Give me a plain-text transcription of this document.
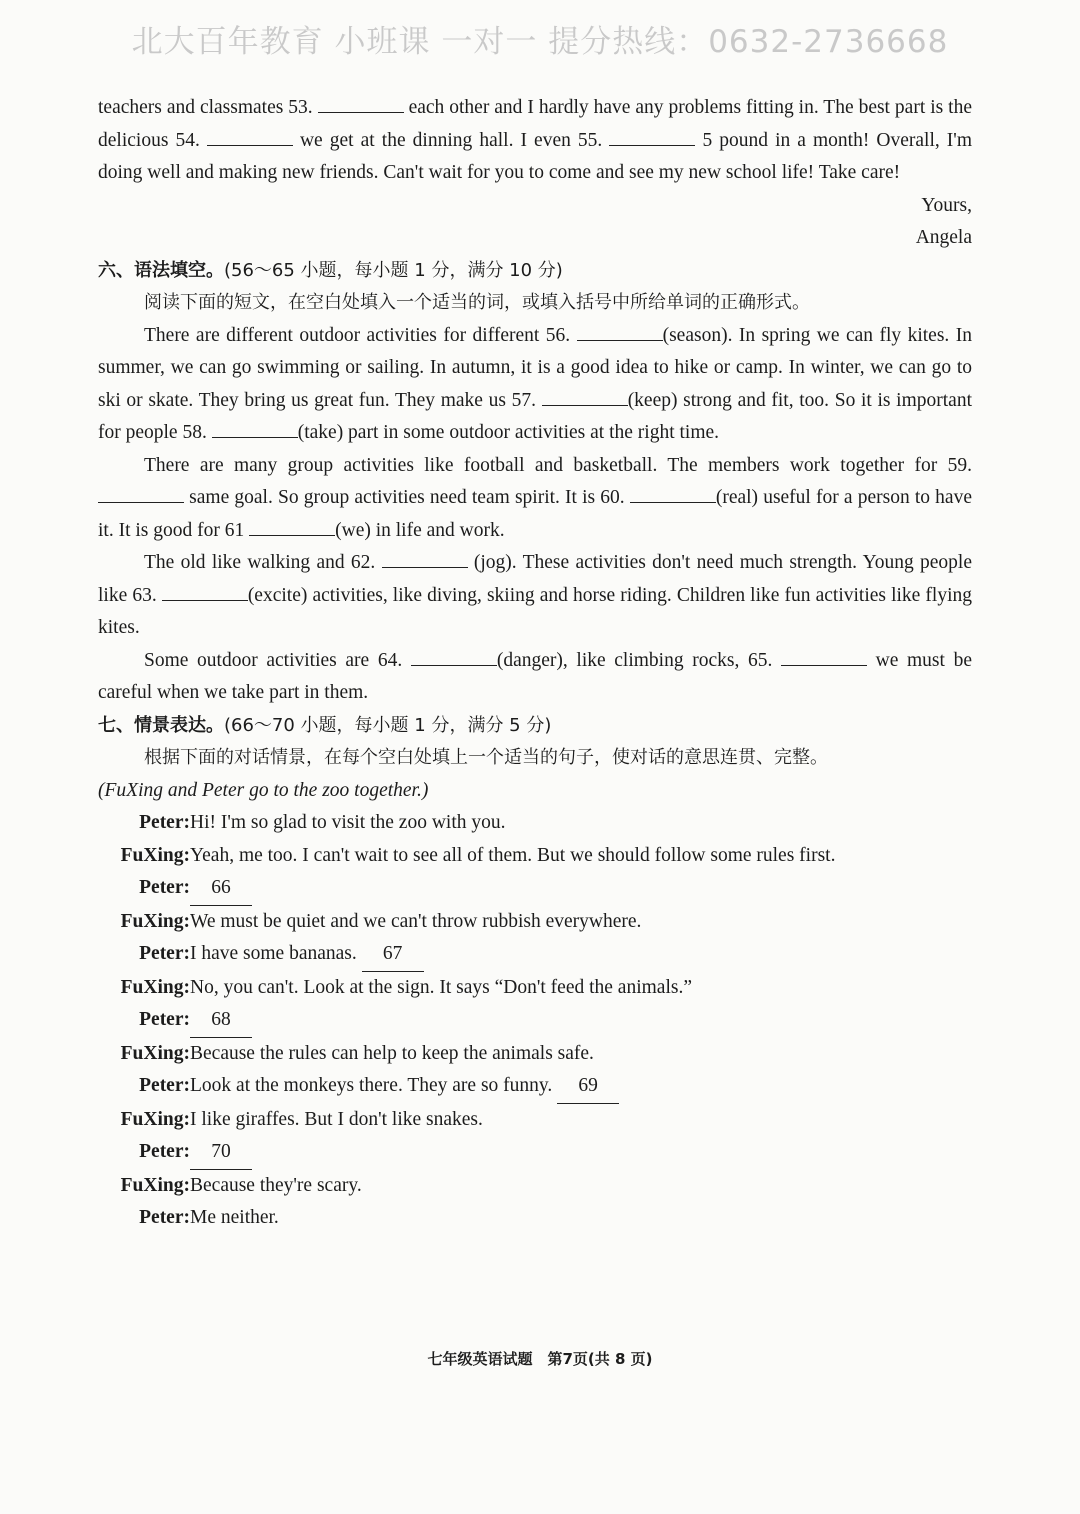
北大百年教育 小班课 一对一 提分热线：0632-2736668

teachers and classmates 53.	each other and I hardly have any problems fitting in. The best part is the delicious 54.	we get at the dinning hall. I even 55.	5 pound in a month! Overall, I'm doing well and making new friends. Can't wait for you to come and see my new school life! Take care!

Yours,

Angela

六、语法填空。(56～65 小题，每小题 1 分，满分 10 分)

阅读下面的短文，在空白处填入一个适当的词，或填入括号中所给单词的正确形式。

There are different outdoor activities for different 56.	(season). In spring we can fly kites. In summer, we can go swimming or sailing. In autumn, it is a good idea to hike or camp. In winter, we can go to ski or skate. They bring us great fun. They make us 57.	(keep) strong and fit, too. So it is important for people 58.	(take) part in some outdoor activities at the right time.

There are many group activities like football and basketball. The members work together for 59.  same goal. So group activities need team spirit. It is 60.	(real) useful for a person to have it. It is good for 61	(we) in life and work.

The old like walking and 62.	(jog). These activities don't need much strength. Young people like 63.	(excite) activities, like diving, skiing and horse riding. Children like fun activities like flying kites.

Some outdoor activities are 64.	(danger), like climbing rocks, 65.	we must be careful when we take part in them.

七、情景表达。(66～70 小题，每小题 1 分，满分 5 分)

根据下面的对话情景，在每个空白处填上一个适当的句子，使对话的意思连贯、完整。

(FuXing and Peter go to the zoo together.)

Peter: Hi! I'm so glad to visit the zoo with you.
FuXing: Yeah, me too. I can't wait to see all of them. But we should follow some rules first.
Peter:	66
FuXing: We must be quiet and we can't throw rubbish everywhere.
Peter: I have some bananas. 67
FuXing: No, you can't. Look at the sign. It says “Don't feed the animals.”
Peter:	68
FuXing: Because the rules can help to keep the animals safe.
Peter: Look at the monkeys there. They are so funny. 69
FuXing: I like giraffes. But I don't like snakes.
Peter:	70
FuXing: Because they're scary.
Peter: Me neither.
七年级英语试题　第7页(共 8 页)
